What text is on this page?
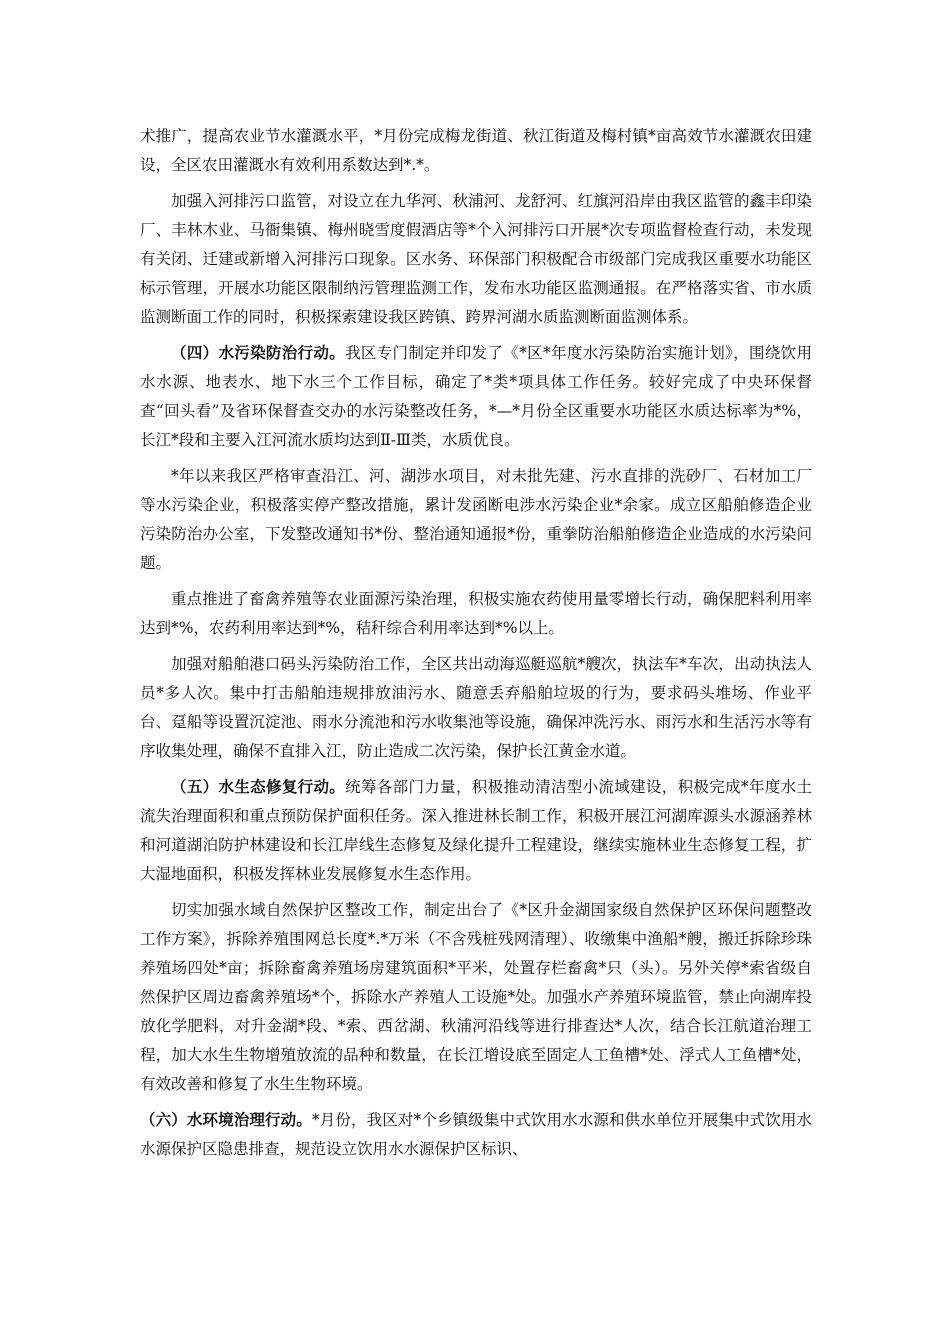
术推广，提高农业节水灌溉水平，*月份完成梅龙街道、秋江街道及梅村镇*亩高效节水灌溉农田建设，全区农田灌溉水有效利用系数达到*.*。

加强入河排污口监管，对设立在九华河、秋浦河、龙舒河、红旗河沿岸由我区监管的鑫丰印染厂、丰林木业、马衙集镇、梅州晓雪度假酒店等*个入河排污口开展*次专项监督检查行动，未发现有关闭、迁建或新增入河排污口现象。区水务、环保部门积极配合市级部门完成我区重要水功能区标示管理，开展水功能区限制纳污管理监测工作，发布水功能区监测通报。在严格落实省、市水质监测断面工作的同时，积极探索建设我区跨镇、跨界河湖水质监测断面监测体系。

（四）水污染防治行动。我区专门制定并印发了《*区*年度水污染防治实施计划》，围绕饮用水水源、地表水、地下水三个工作目标，确定了*类*项具体工作任务。较好完成了中央环保督查“回头看”及省环保督查交办的水污染整改任务，*—*月份全区重要水功能区水质达标率为*%，长江*段和主要入江河流水质均达到Ⅱ-Ⅲ类，水质优良。

*年以来我区严格审查沿江、河、湖涉水项目，对未批先建、污水直排的洗砂厂、石材加工厂等水污染企业，积极落实停产整改措施，累计发函断电涉水污染企业*余家。成立区船舶修造企业污染防治办公室，下发整改通知书*份、整治通知通报*份，重拳防治船舶修造企业造成的水污染问题。

重点推进了畜禽养殖等农业面源污染治理，积极实施农药使用量零增长行动，确保肥料利用率达到*%，农药利用率达到*%，秸秆综合利用率达到*%以上。

加强对船舶港口码头污染防治工作，全区共出动海巡艇巡航*艘次，执法车*车次，出动执法人员*多人次。集中打击船舶违规排放油污水、随意丢弃船舶垃圾的行为，要求码头堆场、作业平台、趸船等设置沉淀池、雨水分流池和污水收集池等设施，确保冲洗污水、雨污水和生活污水等有序收集处理，确保不直排入江，防止造成二次污染，保护长江黄金水道。

（五）水生态修复行动。统筹各部门力量，积极推动清洁型小流域建设，积极完成*年度水土流失治理面积和重点预防保护面积任务。深入推进林长制工作，积极开展江河湖库源头水源涵养林和河道湖泊防护林建设和长江岸线生态修复及绿化提升工程建设，继续实施林业生态修复工程，扩大湿地面积，积极发挥林业发展修复水生态作用。

切实加强水域自然保护区整改工作，制定出台了《*区升金湖国家级自然保护区环保问题整改工作方案》，拆除养殖围网总长度*.*万米（不含残桩残网清理）、收缴集中渔船*艘，搬迁拆除珍珠养殖场四处*亩；拆除畜禽养殖场房建筑面积*平米，处置存栏畜禽*只（头）。另外关停*索省级自然保护区周边畜禽养殖场*个，拆除水产养殖人工设施*处。加强水产养殖环境监管，禁止向湖库投放化学肥料，对升金湖*段、*索、西岔湖、秋浦河沿线等进行排查达*人次，结合长江航道治理工程，加大水生生物增殖放流的品种和数量，在长江增设底至固定人工鱼槽*处、浮式人工鱼槽*处，有效改善和修复了水生生物环境。

（六）水环境治理行动。*月份，我区对*个乡镇级集中式饮用水水源和供水单位开展集中式饮用水水源保护区隐患排查，规范设立饮用水水源保护区标识、
